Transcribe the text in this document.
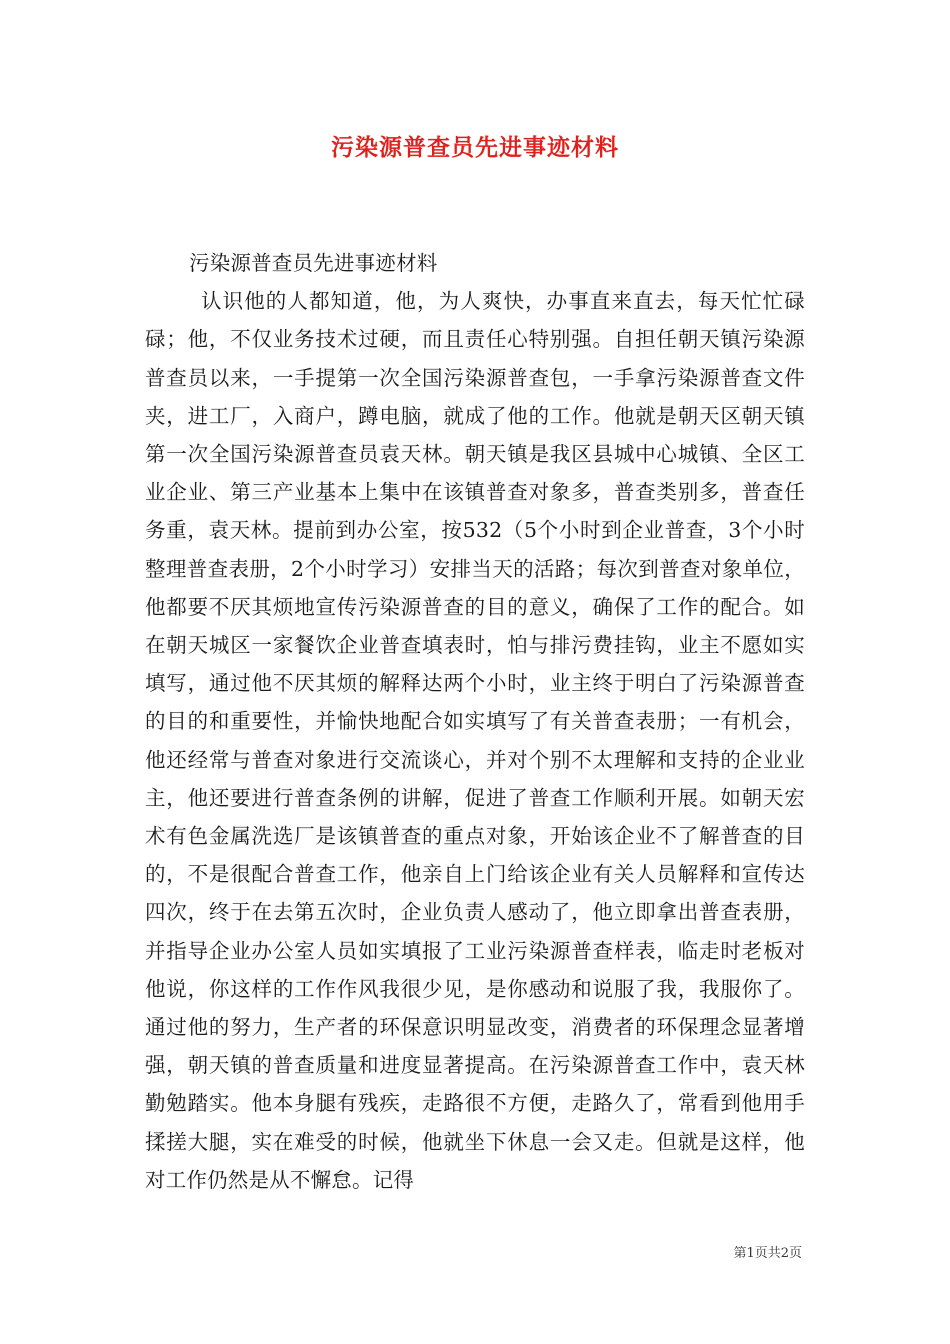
污染源普查员先进事迹材料

污染源普查员先进事迹材料

认识他的人都知道，他，为人爽快，办事直来直去，每天忙忙碌碌；他，不仅业务技术过硬，而且责任心特别强。自担任朝天镇污染源普查员以来，一手提第一次全国污染源普查包，一手拿污染源普查文件夹，进工厂，入商户，蹲电脑，就成了他的工作。他就是朝天区朝天镇第一次全国污染源普查员袁天林。朝天镇是我区县城中心城镇、全区工业企业、第三产业基本上集中在该镇普查对象多，普查类别多，普查任务重，袁天林。提前到办公室，按532（5个小时到企业普查，3个小时整理普查表册，2个小时学习）安排当天的活路；每次到普查对象单位，他都要不厌其烦地宣传污染源普查的目的意义，确保了工作的配合。如在朝天城区一家餐饮企业普查填表时，怕与排污费挂钩，业主不愿如实填写，通过他不厌其烦的解释达两个小时，业主终于明白了污染源普查的目的和重要性，并愉快地配合如实填写了有关普查表册；一有机会，他还经常与普查对象进行交流谈心，并对个别不太理解和支持的企业业主，他还要进行普查条例的讲解，促进了普查工作顺利开展。如朝天宏术有色金属洗选厂是该镇普查的重点对象，开始该企业不了解普查的目的，不是很配合普查工作，他亲自上门给该企业有关人员解释和宣传达四次，终于在去第五次时，企业负责人感动了，他立即拿出普查表册，并指导企业办公室人员如实填报了工业污染源普查样表，临走时老板对他说，你这样的工作作风我很少见，是你感动和说服了我，我服你了。通过他的努力，生产者的环保意识明显改变，消费者的环保理念显著增强，朝天镇的普查质量和进度显著提高。在污染源普查工作中，袁天林勤勉踏实。他本身腿有残疾，走路很不方便，走路久了，常看到他用手揉搓大腿，实在难受的时候，他就坐下休息一会又走。但就是这样，他对工作仍然是从不懈怠。记得

第1页共2页
